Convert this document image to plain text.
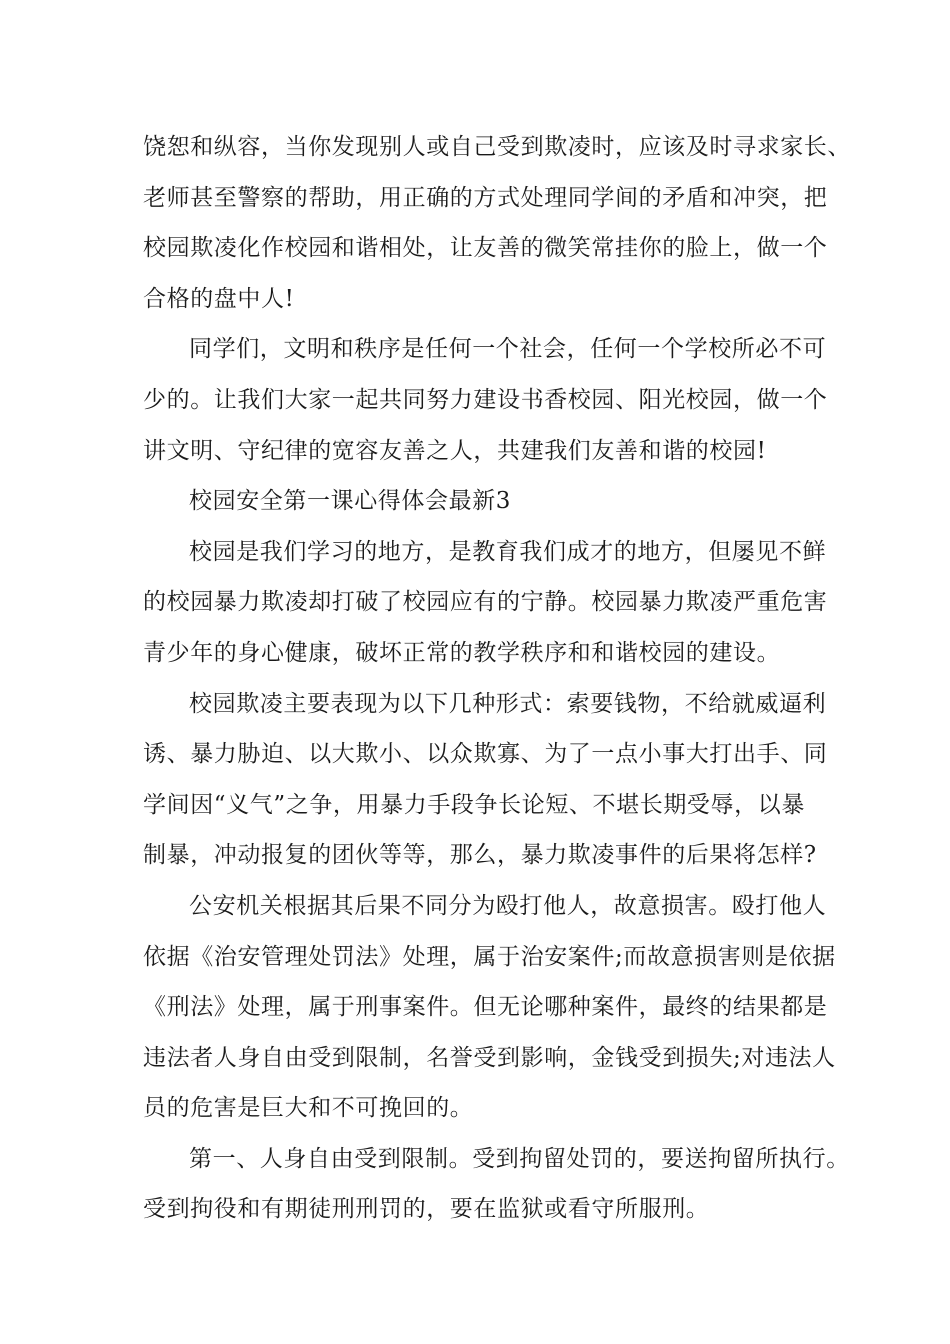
饶恕和纵容，当你发现别人或自己受到欺凌时，应该及时寻求家长、
老师甚至警察的帮助，用正确的方式处理同学间的矛盾和冲突，把
校园欺凌化作校园和谐相处，让友善的微笑常挂你的脸上，做一个
合格的盘中人!
同学们，文明和秩序是任何一个社会，任何一个学校所必不可
少的。让我们大家一起共同努力建设书香校园、阳光校园，做一个
讲文明、守纪律的宽容友善之人，共建我们友善和谐的校园!
校园安全第一课心得体会最新3
校园是我们学习的地方，是教育我们成才的地方，但屡见不鲜
的校园暴力欺凌却打破了校园应有的宁静。校园暴力欺凌严重危害
青少年的身心健康，破坏正常的教学秩序和和谐校园的建设。
校园欺凌主要表现为以下几种形式：索要钱物，不给就威逼利
诱、暴力胁迫、以大欺小、以众欺寡、为了一点小事大打出手、同
学间因“义气”之争，用暴力手段争长论短、不堪长期受辱，以暴
制暴，冲动报复的团伙等等，那么，暴力欺凌事件的后果将怎样?
公安机关根据其后果不同分为殴打他人，故意损害。殴打他人
依据《治安管理处罚法》处理，属于治安案件;而故意损害则是依据
《刑法》处理，属于刑事案件。但无论哪种案件，最终的结果都是
违法者人身自由受到限制，名誉受到影响，金钱受到损失;对违法人
员的危害是巨大和不可挽回的。
第一、人身自由受到限制。受到拘留处罚的，要送拘留所执行。
受到拘役和有期徒刑刑罚的，要在监狱或看守所服刑。
